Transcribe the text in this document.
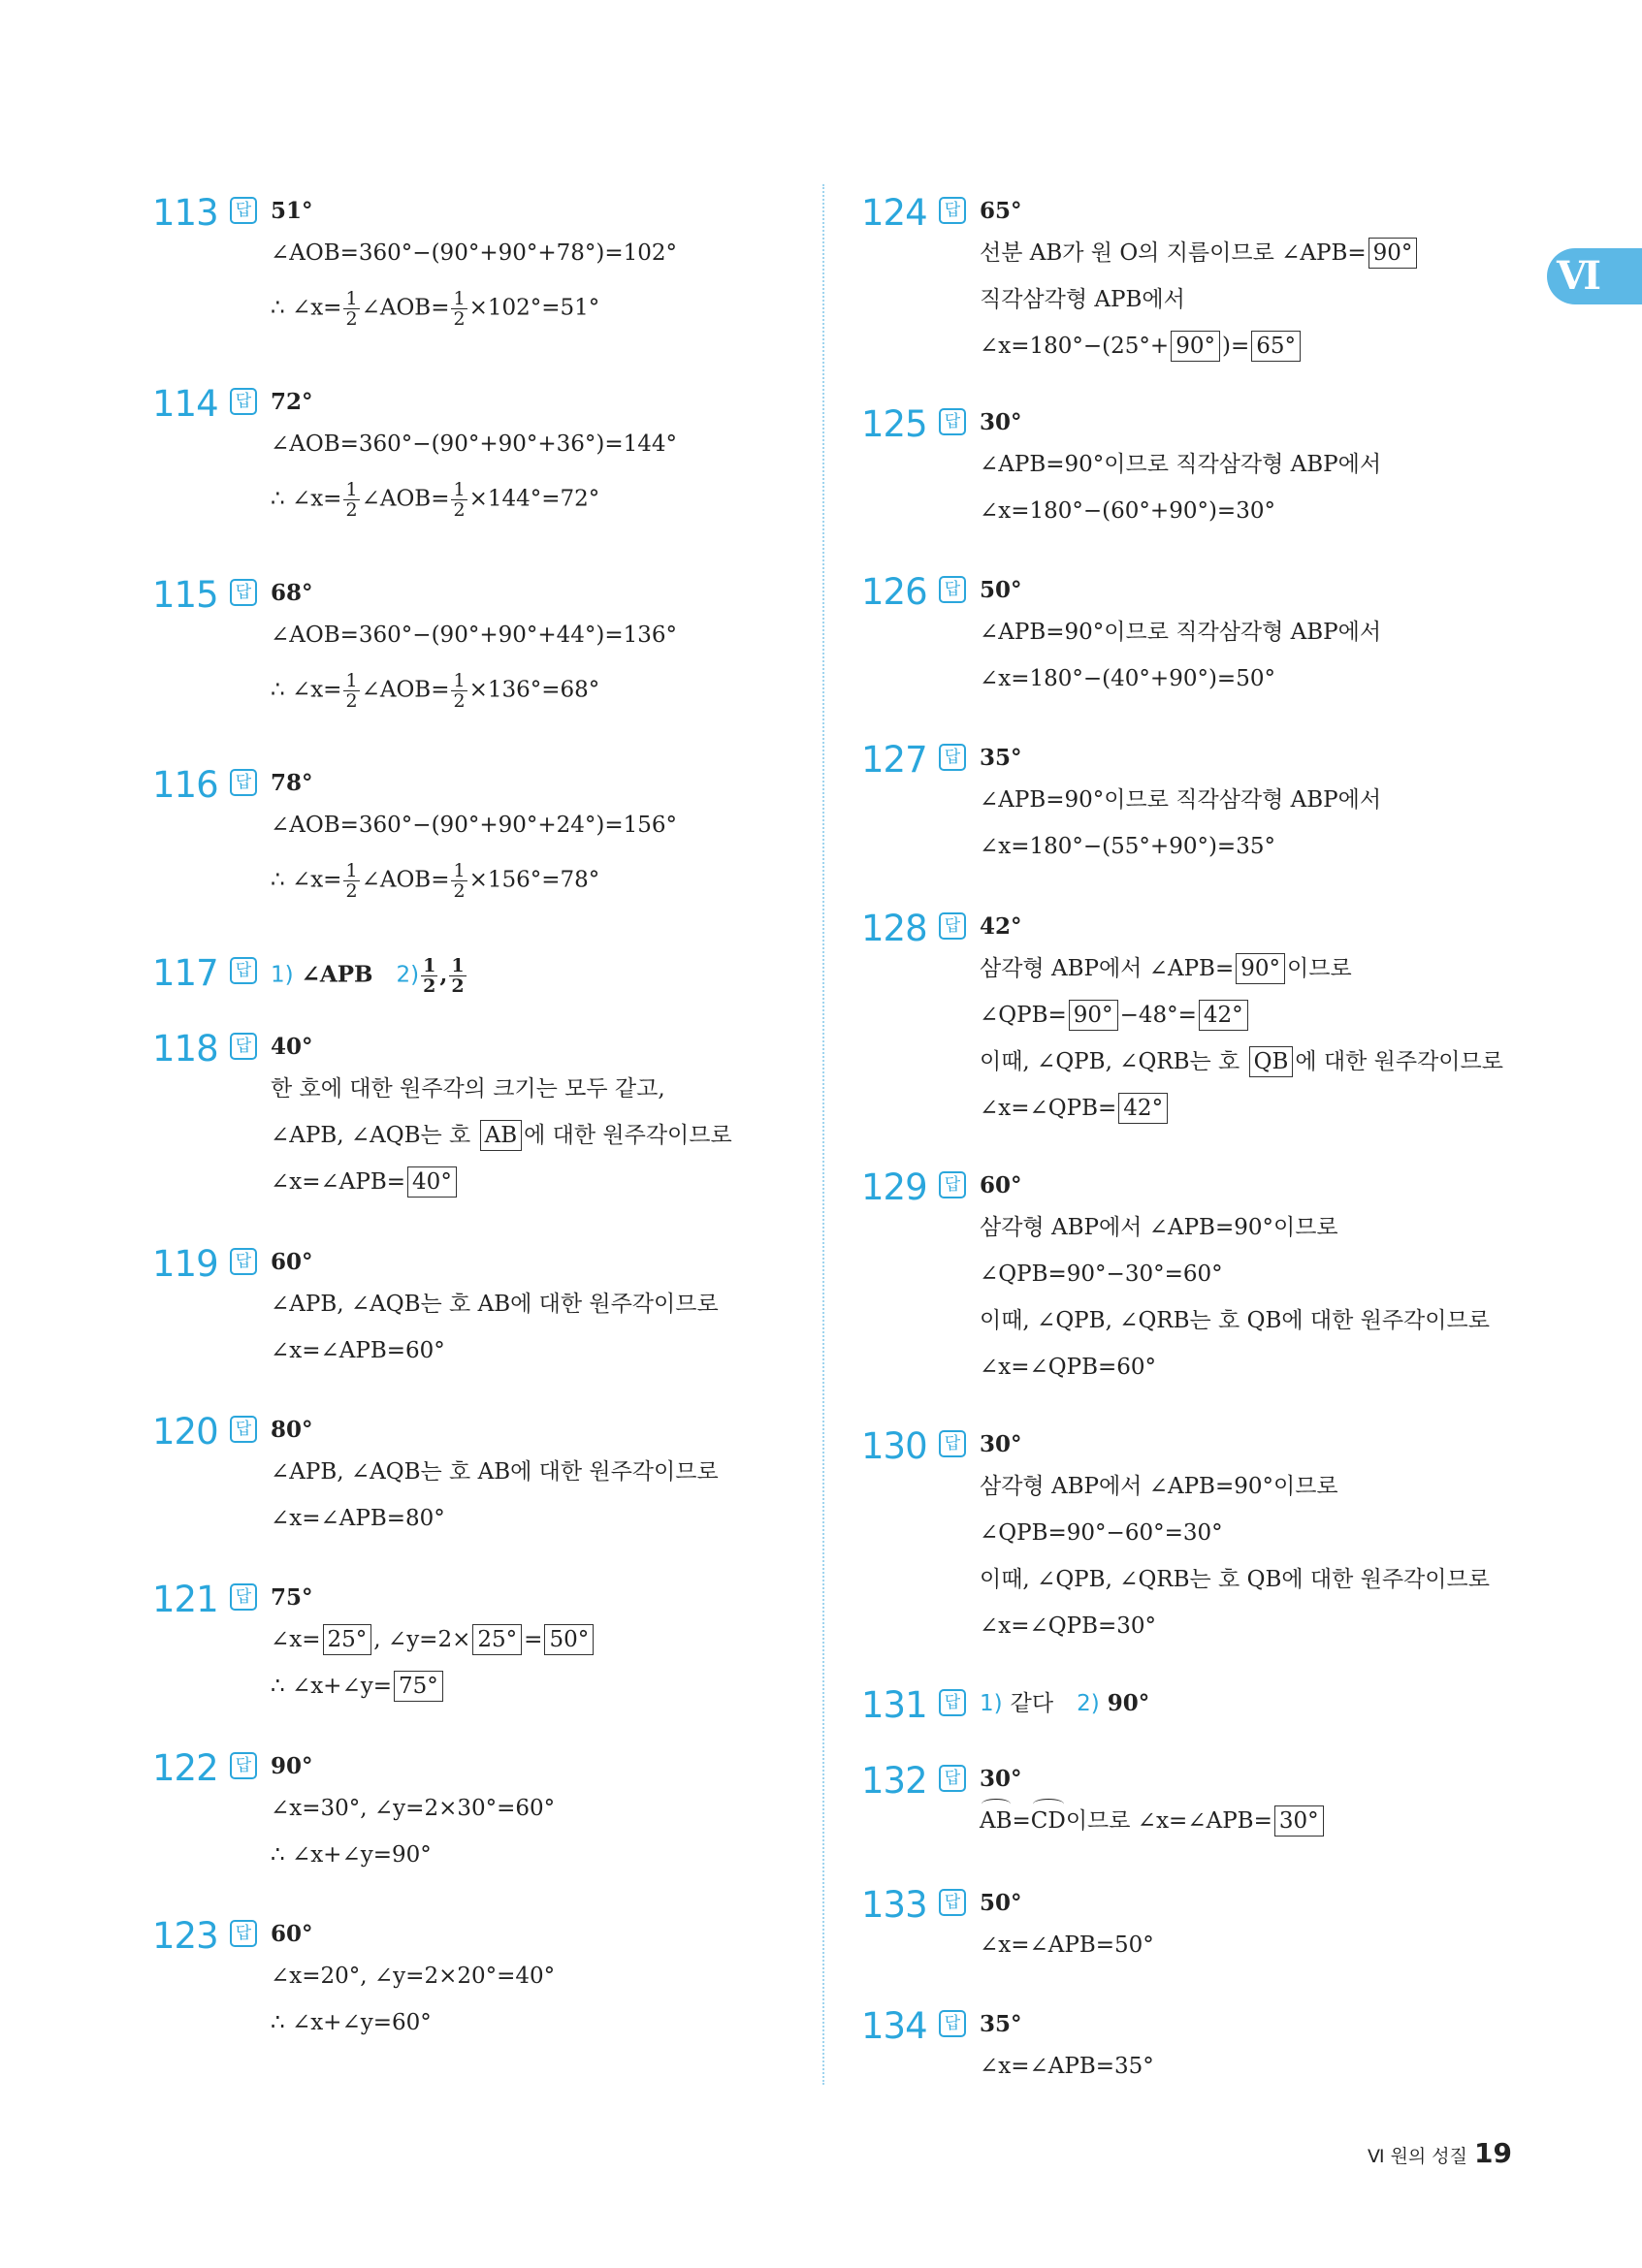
Ⅵ
113	답 51°
∠AOB=360°−(90°+90°+78°)=102°
∴ ∠x= $\frac{1}{2}$ ∠AOB= $\frac{1}{2} \times 102^\circ=51^\circ$
114	답 72°
∠AOB=360°−(90°+90°+36°)=144°
∴ ∠x= $\frac{1}{2}$ ∠AOB= $\frac{1}{2} \times 144^\circ=72^\circ$
115	답 68°
∠AOB=360°−(90°+90°+44°)=136°
∴ ∠x= $\frac{1}{2}$ ∠AOB= $\frac{1}{2} \times 136^\circ=68^\circ$
116	답 78°
∠AOB=360°−(90°+90°+24°)=156°
∴ ∠x= $\frac{1}{2}$ ∠AOB= $\frac{1}{2} \times 156^\circ=78^\circ$
117	답 1) ∠APB $2) \frac{1}{2}$ , $\frac{1}{2}$
118	답 40°
한 호에 대한 원주각의 크기는 모두 같고,
∠APB, ∠AQB는 호 AB 에 대한 원주각이므로
∠x=∠APB= 40°
119	답 60°
∠APB, ∠AQB는 호 AB에 대한 원주각이므로
∠x=∠APB=60°
120	답 80°
∠APB, ∠AQB는 호 AB에 대한 원주각이므로
∠x=∠APB=80°
121	답 75°
∠x= 25° , ∠y=2× 25° = 50°
∴ ∠x+∠y= 75°
122	답 90°
∠x=30°, ∠y=2×30°=60°
∴ ∠x+∠y=90°
123	답 60°
∠x=20°, ∠y=2×20°=40°
∴ ∠x+∠y=60°
124	답 65°
선분 AB가 원 O의 지름이므로 ∠APB= 90°
직각삼각형 APB에서
∠x=180°−(25°+ 90° )= 65°
125	답 30°
∠APB=90°이므로 직각삼각형 ABP에서
∠x=180°−(60°+90°)=30°
126	답 50°
∠APB=90°이므로 직각삼각형 ABP에서
∠x=180°−(40°+90°)=50°
127	답 35°
∠APB=90°이므로 직각삼각형 ABP에서
∠x=180°−(55°+90°)=35°
128	답 42°
삼각형 ABP에서 ∠APB= 90° 이므로
∠QPB= 90° −48°= 42°
이때, ∠QPB, ∠QRB는 호 QB 에 대한 원주각이므로
∠x=∠QPB= 42°
129	답 60°
삼각형 ABP에서 ∠APB=90°이므로
∠QPB=90°−30°=60°
이때, ∠QPB, ∠QRB는 호 QB에 대한 원주각이므로
∠x=∠QPB=60°
130	답 30°
삼각형 ABP에서 ∠APB=90°이므로
∠QPB=90°−60°=30°
이때, ∠QPB, ∠QRB는 호 QB에 대한 원주각이므로
∠x=∠QPB=30°
131	답 1) 같다 2) 90°
132	답 30°
AB=CD이므로 ∠x=∠APB= 30°
133	답 50°
∠x=∠APB=50°
134	답 35°
∠x=∠APB=35°
Ⅵ 원의 성질 19
